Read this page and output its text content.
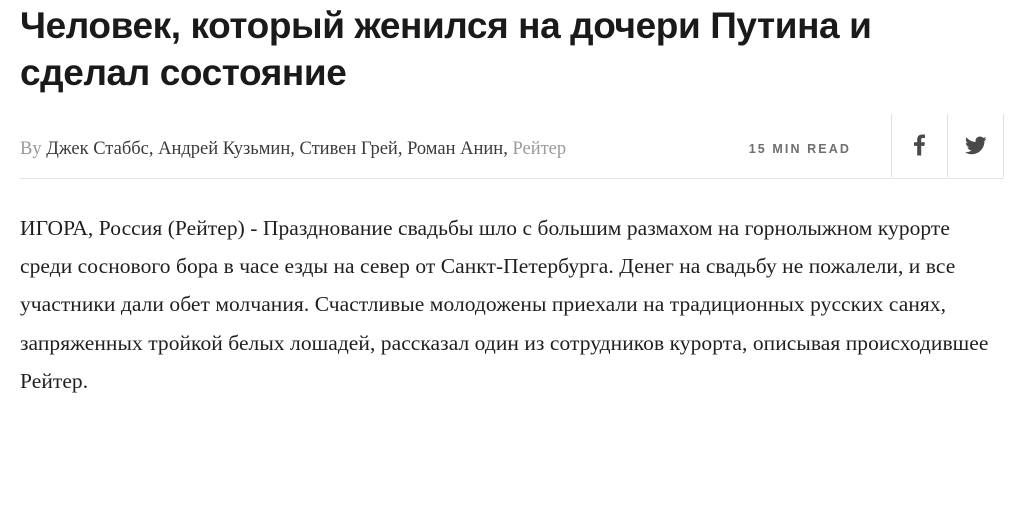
Человек, который женился на дочери Путина и сделал состояние
By Джек Стаббс, Андрей Кузьмин, Стивен Грей, Роман Анин, Рейтер	15 MIN READ

ИГОРА, Россия (Рейтер) - Празднование свадьбы шло с большим размахом на горнолыжном курорте среди соснового бора в часе езды на север от Санкт-Петербурга. Денег на свадьбу не пожалели, и все участники дали обет молчания. Счастливые молодожены приехали на традиционных русских санях, запряженных тройкой белых лошадей, рассказал один из сотрудников курорта, описывая происходившее Рейтер.
